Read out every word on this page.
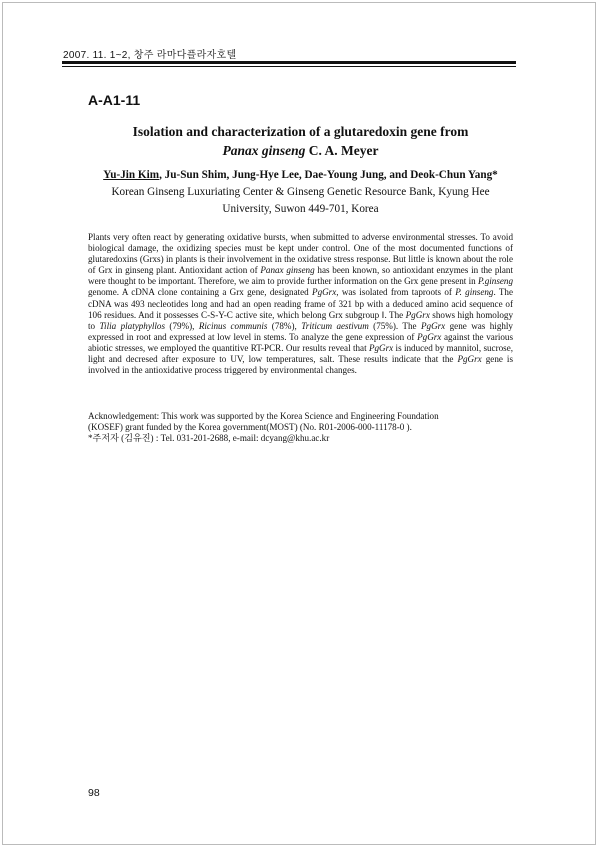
2007. 11. 1~2, 창주 라마다플라자호텔
A-A1-11
Isolation and characterization of a glutaredoxin gene from
Panax ginseng C. A. Meyer
Yu-Jin Kim, Ju-Sun Shim, Jung-Hye Lee, Dae-Young Jung, and Deok-Chun Yang*
Korean Ginseng Luxuriating Center & Ginseng Genetic Resource Bank, Kyung Hee
University, Suwon 449-701, Korea

Plants very often react by generating oxidative bursts, when submitted to adverse environmental stresses. To avoid biological damage, the oxidizing species must be kept under control. One of the most documented functions of glutaredoxins (Grxs) in plants is their involvement in the oxidative stress response. But little is known about the role of Grx in ginseng plant. Antioxidant action of Panax ginseng has been known, so antioxidant enzymes in the plant were thought to be important. Therefore, we aim to provide further information on the Grx gene present in P.ginseng genome. A cDNA clone containing a Grx gene, designated PgGrx, was isolated from taproots of P. ginseng. The cDNA was 493 necleotides long and had an open reading frame of 321 bp with a deduced amino acid sequence of 106 residues. And it possesses C-S-Y-C active site, which belong Grx subgroup Ⅰ. The PgGrx shows high homology to Tilia platyphyllos (79%), Ricinus communis (78%), Triticum aestivum (75%). The PgGrx gene was highly expressed in root and expressed at low level in stems. To analyze the gene expression of PgGrx against the various abiotic stresses, we employed the quantitive RT-PCR. Our results reveal that PgGrx is induced by mannitol, sucrose, light and decresed after exposure to UV, low temperatures, salt. These results indicate that the PgGrx gene is involved in the antioxidative process triggered by environmental changes.

Acknowledgement: This work was supported by the Korea Science and Engineering Foundation
(KOSEF) grant funded by the Korea government(MOST) (No. R01-2006-000-11178-0 ).
*주저자 (김유진) : Tel. 031-201-2688, e-mail: dcyang@khu.ac.kr
98
